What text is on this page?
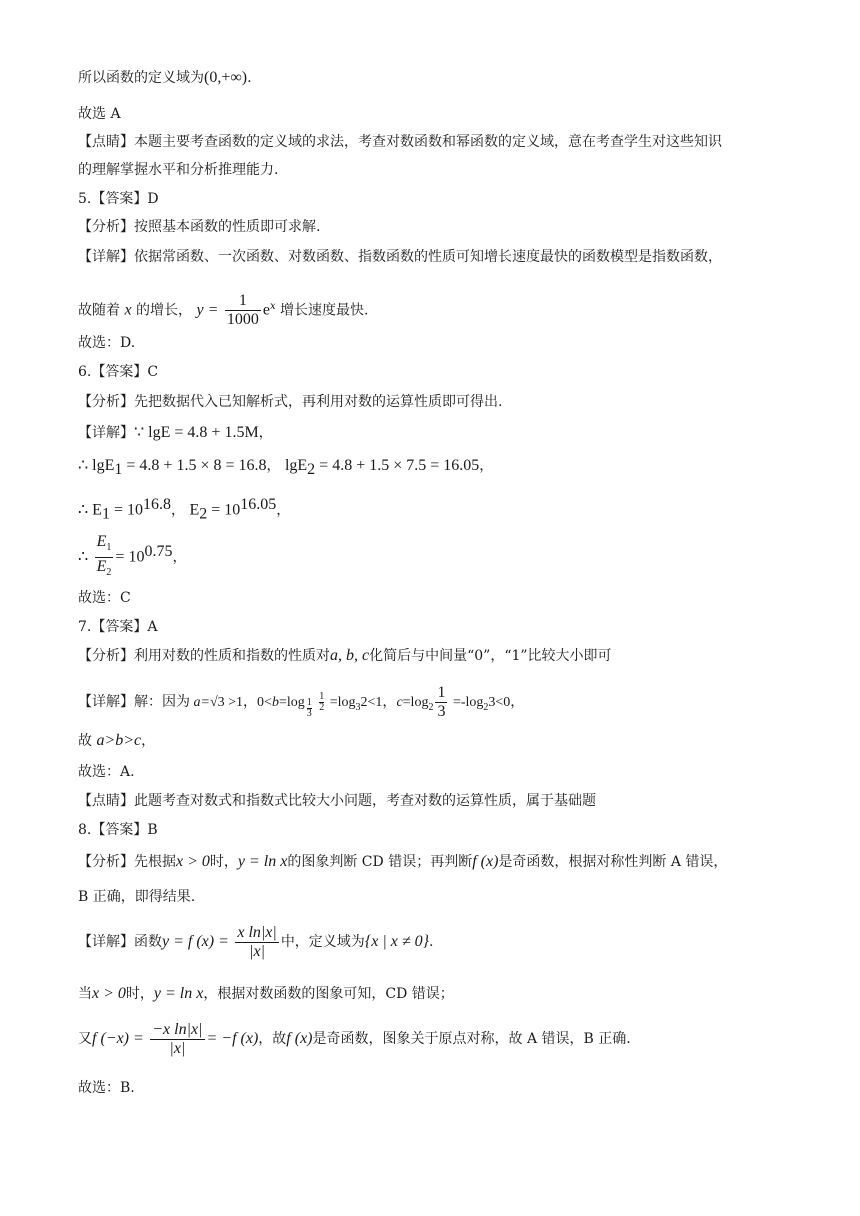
所以函数的定义域为(0,+∞).
故选 A
【点睛】本题主要考查函数的定义域的求法，考查对数函数和幂函数的定义域，意在考查学生对这些知识
的理解掌握水平和分析推理能力.
5.【答案】D
【分析】按照基本函数的性质即可求解.
【详解】依据常函数、一次函数、对数函数、指数函数的性质可知增长速度最快的函数模型是指数函数，
故随着 x 的增长， $y = \frac{1}{1000} e^x$ 增长速度最快.
故选：D.
6.【答案】C
【分析】先把数据代入已知解析式，再利用对数的运算性质即可得出.
【详解】∵ lgE = 4.8 + 1.5M，
∴ lgE$_1$ = 4.8 + 1.5 × 8 = 16.8， lgE$_2$ = 4.8 + 1.5 × 7.5 = 16.05，
∴ $E_1 = 10^{16.8}$， $E_2 = 10^{16.05}$，
∴ $\frac{E_1}{E_2} = 10^{0.75}$，
故选：C
7.【答案】A
【分析】利用对数的性质和指数的性质对a, b, c化简后与中间量“0”，“1”比较大小即可
【详解】解：因为 a=√3 >1，$0<b=\log \frac{1}{3}$
$\frac{1}{2} =\log_32<1$，$c=\log_2 \frac{1}{3} =-\log_23<0$，
故 a>b>c，
故选：A.
【点睛】此题考查对数式和指数式比较大小问题，考查对数的运算性质，属于基础题
8.【答案】B
【分析】先根据x > 0时，y = ln x的图象判断 CD 错误；再判断f (x)是奇函数，根据对称性判断 A 错误，
B 正确，即得结果.
【详解】函数y = f $(x) = \frac{\text{x ln|x|}}{|x|}$ 中，定义域为{x | x ≠ 0}.
当x > 0时，y = ln x，根据对数函数的图象可知，CD 错误；
又f $(-x) = \frac{\text{−x ln|x|}}{|x|} = -f$ (x)，故f (x)是奇函数，图象关于原点对称，故 A 错误，B 正确.
故选：B.
